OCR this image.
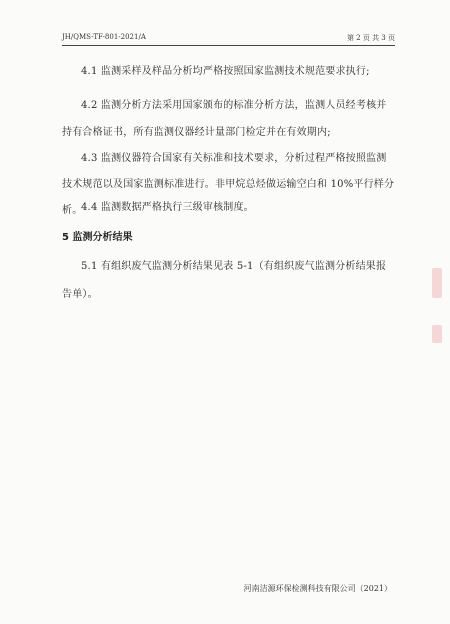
JH/QMS-TF-801-2021/A	第 2 页 共 3 页
4.1 监测采样及样品分析均严格按照国家监测技术规范要求执行;
4.2 监测分析方法采用国家颁布的标准分析方法，监测人员经考核并持有合格证书，所有监测仪器经计量部门检定并在有效期内;
4.3 监测仪器符合国家有关标准和技术要求，分析过程严格按照监测技术规范以及国家监测标准进行。非甲烷总烃做运输空白和 10%平行样分析。
4.4 监测数据严格执行三级审核制度。
5 监测分析结果
5.1 有组织废气监测分析结果见表 5-1（有组织废气监测分析结果报告单）。
河南洁源环保检测科技有限公司（2021）
